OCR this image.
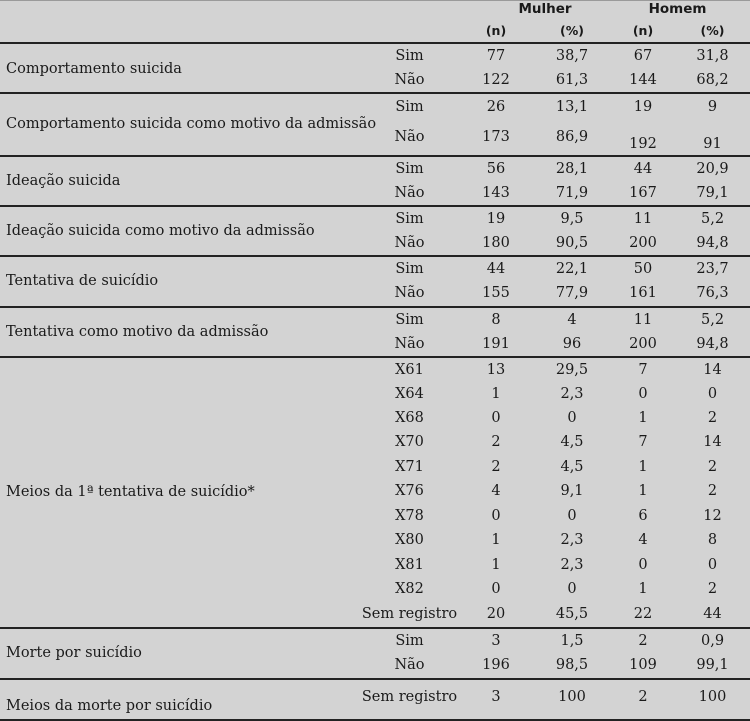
		Mulher		Homem	
		(n)	(%)	(n)	(%)
Comportamento suicida	Sim	77	38,7	67	31,8
	Não	122	61,3	144	68,2
Comportamento suicida como motivo da admissão	Sim	26	13,1	19	9
	Não	173	86,9	192	91
Ideação suicida	Sim	56	28,1	44	20,9
	Não	143	71,9	167	79,1
Ideação suicida como motivo da admissão	Sim	19	9,5	11	5,2
	Não	180	90,5	200	94,8
Tentativa de suicídio	Sim	44	22,1	50	23,7
	Não	155	77,9	161	76,3
Tentativa como motivo da admissão	Sim	8	4	11	5,2
	Não	191	96	200	94,8
Meios da 1ª tentativa de suicídio*	X61	13	29,5	7	14
	X64	1	2,3	0	0
	X68	0	0	1	2
	X70	2	4,5	7	14
	X71	2	4,5	1	2
	X76	4	9,1	1	2
	X78	0	0	6	12
	X80	1	2,3	4	8
	X81	1	2,3	0	0
	X82	0	0	1	2
	Sem registro	20	45,5	22	44
Morte por suicídio	Sim	3	1,5	2	0,9
	Não	196	98,5	109	99,1
Meios da morte por suicídio	Sem registro	3	100	2	100
